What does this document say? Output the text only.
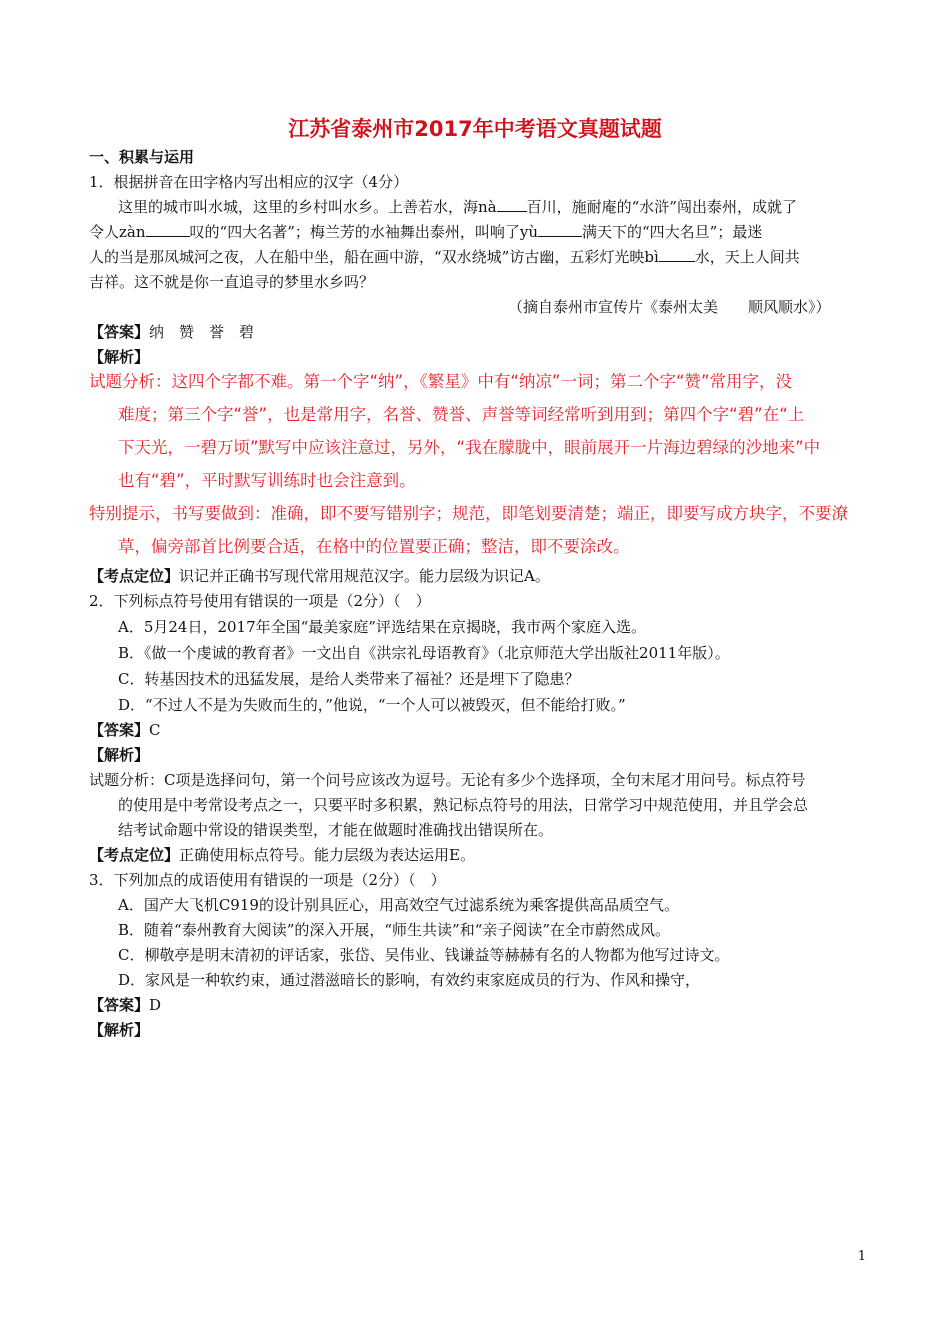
江苏省泰州市2017年中考语文真题试题
一、积累与运用
1．根据拼音在田字格内写出相应的汉字（4分）
这里的城市叫水城，这里的乡村叫水乡。上善若水，海nà 百川，施耐庵的“水浒”闯出泰州，成就了
令人zàn	叹的“四大名著”；梅兰芳的水袖舞出泰州，叫响了yù	满天下的“四大名旦”；最迷
人的当是那凤城河之夜，人在船中坐，船在画中游，“双水绕城”访古幽，五彩灯光映bì 水，天上人间共
吉祥。这不就是你一直追寻的梦里水乡吗？
（摘自泰州市宣传片《泰州太美　　顺风顺水》）
【答案】纳　赞　誉　碧
【解析】
试题分析：这四个字都不难。第一个字“纳”，《繁星》中有“纳凉”一词；第二个字“赞”常用字，没
难度；第三个字“誉”，也是常用字，名誉、赞誉、声誉等词经常听到用到；第四个字“碧”在“上
下天光，一碧万顷”默写中应该注意过，另外，“我在朦胧中，眼前展开一片海边碧绿的沙地来”中
也有“碧”，平时默写训练时也会注意到。
特别提示，书写要做到：准确，即不要写错别字；规范，即笔划要清楚；端正，即要写成方块字，不要潦
草，偏旁部首比例要合适，在格中的位置要正确；整洁，即不要涂改。
【考点定位】识记并正确书写现代常用规范汉字。能力层级为识记A。
2．下列标点符号使用有错误的一项是（2分）（　）
A．5月24日，2017年全国“最美家庭”评选结果在京揭晓，我市两个家庭入选。
B．《做一个虔诚的教育者》一文出自《洪宗礼母语教育》（北京师范大学出版社2011年版）。
C．转基因技术的迅猛发展，是给人类带来了福祉？还是埋下了隐患？
D．“不过人不是为失败而生的，”他说，“一个人可以被毁灭，但不能给打败。”
【答案】C
【解析】
试题分析：C项是选择问句，第一个问号应该改为逗号。无论有多少个选择项，全句末尾才用问号。标点符号
的使用是中考常设考点之一，只要平时多积累，熟记标点符号的用法，日常学习中规范使用，并且学会总
结考试命题中常设的错误类型，才能在做题时准确找出错误所在。
【考点定位】正确使用标点符号。能力层级为表达运用E。
3．下列加点的成语使用有错误的一项是（2分）（　）
A．国产大飞机C919的设计别具匠心，用高效空气过滤系统为乘客提供高品质空气。
B．随着“泰州教育大阅读”的深入开展，“师生共读”和“亲子阅读”在全市蔚然成风。
C．柳敬亭是明末清初的评话家，张岱、吴伟业、钱谦益等赫赫有名的人物都为他写过诗文。
D．家风是一种软约束，通过潜滋暗长的影响，有效约束家庭成员的行为、作风和操守，
【答案】D
【解析】
1
